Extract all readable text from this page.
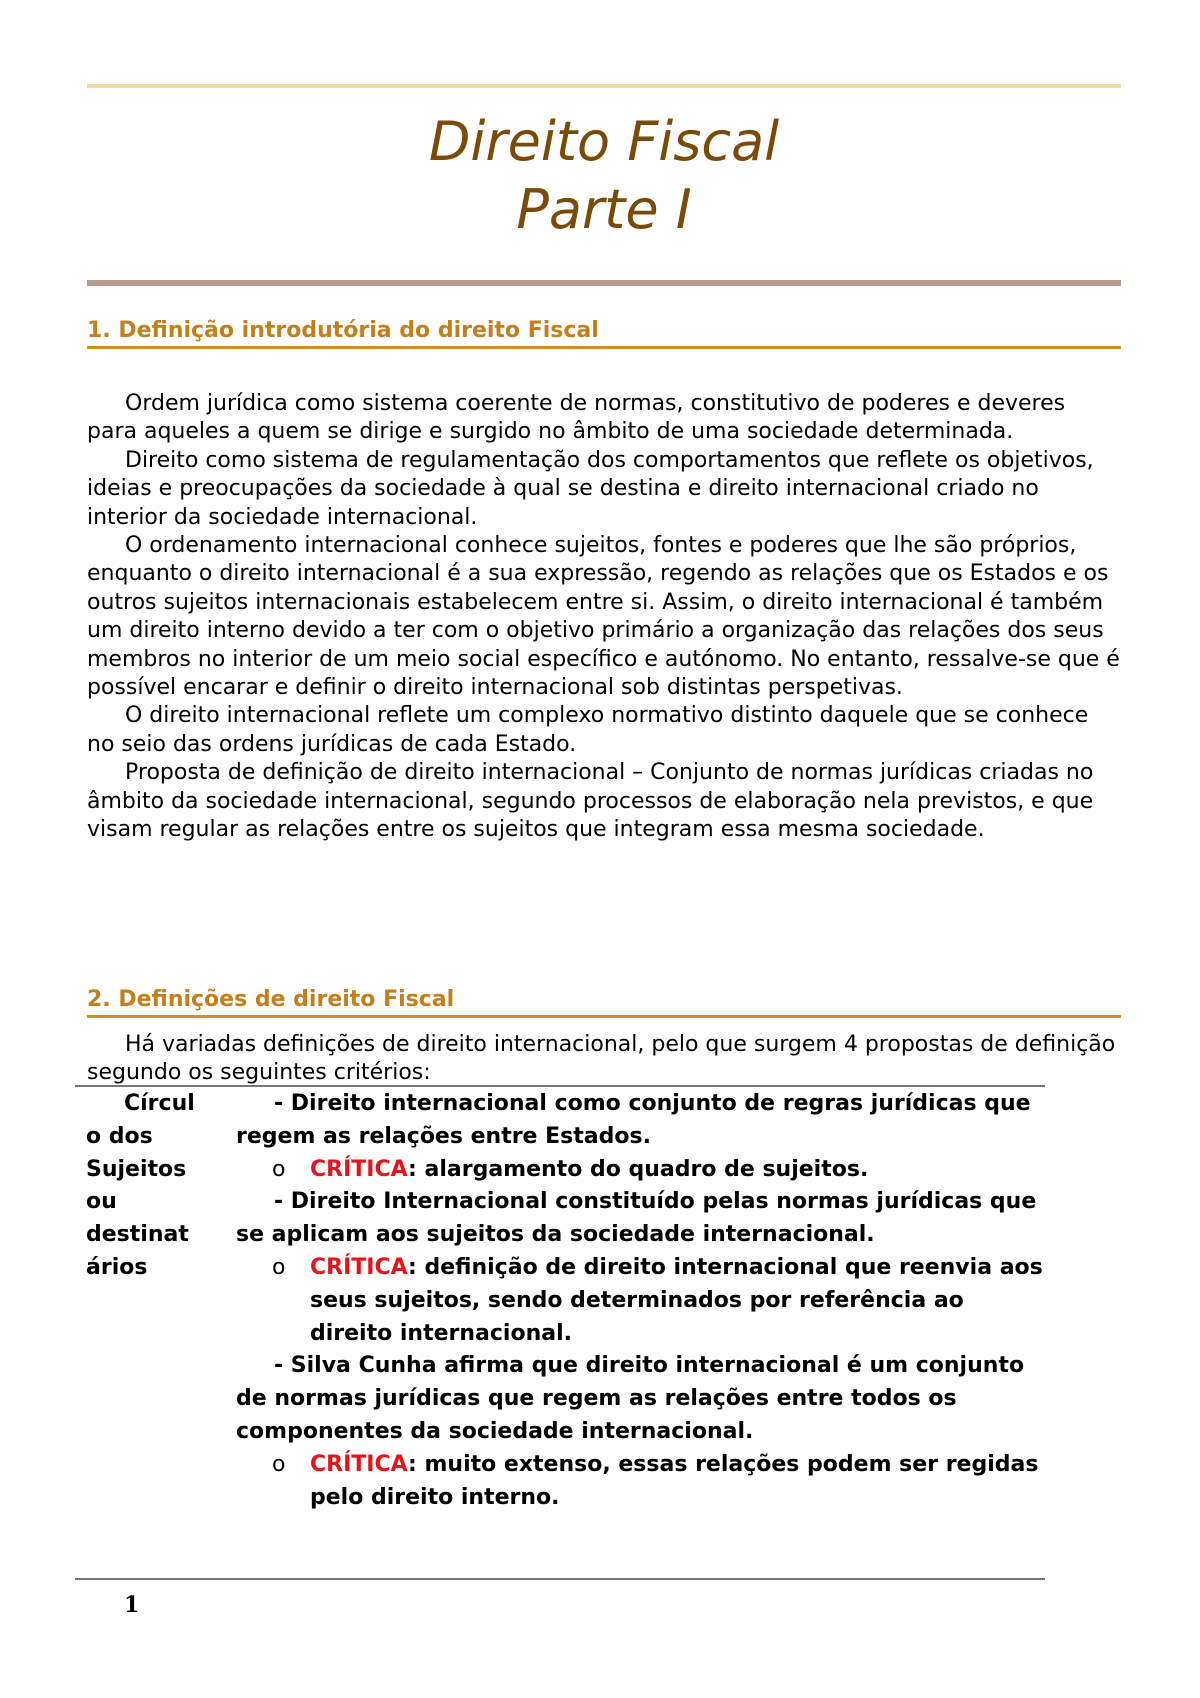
Direito Fiscal
Parte I
1. Definição introdutória do direito Fiscal

Ordem jurídica como sistema coerente de normas, constitutivo de poderes e deveres para aqueles a quem se dirige e surgido no âmbito de uma sociedade determinada.

Direito como sistema de regulamentação dos comportamentos que reflete os objetivos, ideias e preocupações da sociedade à qual se destina e direito internacional criado no interior da sociedade internacional.

O ordenamento internacional conhece sujeitos, fontes e poderes que lhe são próprios, enquanto o direito internacional é a sua expressão, regendo as relações que os Estados e os outros sujeitos internacionais estabelecem entre si. Assim, o direito internacional é também um direito interno devido a ter com o objetivo primário a organização das relações dos seus membros no interior de um meio social específico e autónomo. No entanto, ressalve-se que é possível encarar e definir o direito internacional sob distintas perspetivas.

O direito internacional reflete um complexo normativo distinto daquele que se conhece no seio das ordens jurídicas de cada Estado.

Proposta de definição de direito internacional – Conjunto de normas jurídicas criadas no âmbito da sociedade internacional, segundo processos de elaboração nela previstos, e que visam regular as relações entre os sujeitos que integram essa mesma sociedade.

2. Definições de direito Fiscal

Há variadas definições de direito internacional, pelo que surgem 4 propostas de definição segundo os seguintes critérios:

Círcul
o dos
Sujeitos
ou
destinat
ários

- Direito internacional como conjunto de regras jurídicas que regem as relações entre Estados.

o CRÍTICA: alargamento do quadro de sujeitos.

- Direito Internacional constituído pelas normas jurídicas que se aplicam aos sujeitos da sociedade internacional.

o CRÍTICA: definição de direito internacional que reenvia aos seus sujeitos, sendo determinados por referência ao direito internacional.

- Silva Cunha afirma que direito internacional é um conjunto de normas jurídicas que regem as relações entre todos os componentes da sociedade internacional.

o CRÍTICA: muito extenso, essas relações podem ser regidas pelo direito interno.

1
